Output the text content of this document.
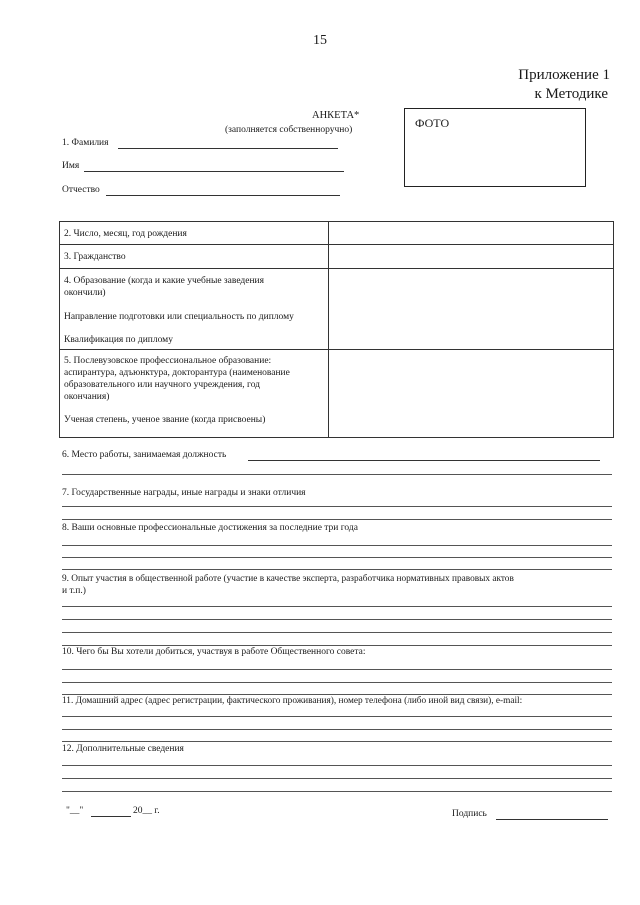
15
Приложение 1
к Методике
АНКЕТА*
(заполняется собственноручно)	ФОТО
1. Фамилия
Имя
Отчество
2. Число, месяц, год рождения	
3. Гражданство	

4. Образование (когда и какие учебные заведения
окончили)
Направление подготовки или специальность по диплому
Квалификация по диплому	

5. Послевузовское профессиональное образование:
аспирантура, адъюнктура, докторантура (наименование
образовательного или научного учреждения, год
окончания)
Ученая степень, ученое звание (когда присвоены)	

6. Место работы, занимаемая должность
7. Государственные награды, иные награды и знаки отличия
8. Ваши основные профессиональные достижения за последние три года
9. Опыт участия в общественной работе (участие в качестве эксперта, разработчика нормативных правовых актов
и т.п.)
10. Чего бы Вы хотели добиться, участвуя в работе Общественного совета:
11. Домашний адрес (адрес регистрации, фактического проживания), номер телефона (либо иной вид связи), e-mail:
12. Дополнительные сведения
"__"	20__ г.	Подпись
